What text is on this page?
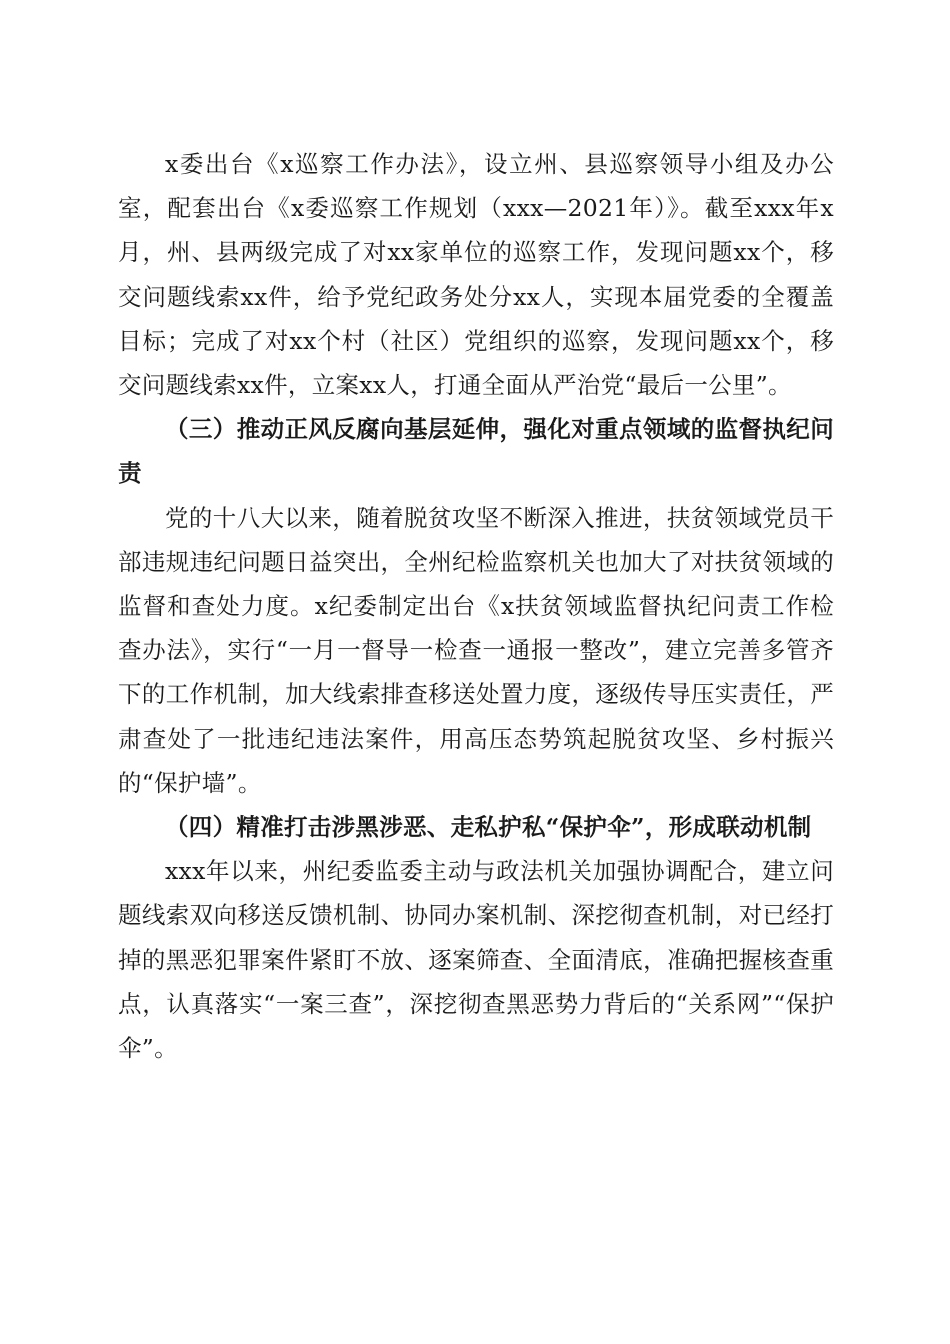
x委出台《x巡察工作办法》，设立州、县巡察领导小组及办公室，配套出台《x委巡察工作规划（xxx—2021年）》。截至xxx年x月，州、县两级完成了对xx家单位的巡察工作，发现问题xx个，移交问题线索xx件，给予党纪政务处分xx人，实现本届党委的全覆盖目标；完成了对xx个村（社区）党组织的巡察，发现问题xx个，移交问题线索xx件，立案xx人，打通全面从严治党“最后一公里”。

（三）推动正风反腐向基层延伸，强化对重点领域的监督执纪问责

党的十八大以来，随着脱贫攻坚不断深入推进，扶贫领域党员干部违规违纪问题日益突出，全州纪检监察机关也加大了对扶贫领域的监督和查处力度。x纪委制定出台《x扶贫领域监督执纪问责工作检查办法》，实行“一月一督导一检查一通报一整改”，建立完善多管齐下的工作机制，加大线索排查移送处置力度，逐级传导压实责任，严肃查处了一批违纪违法案件，用高压态势筑起脱贫攻坚、乡村振兴的“保护墙”。

（四）精准打击涉黑涉恶、走私护私“保护伞”，形成联动机制

xxx年以来，州纪委监委主动与政法机关加强协调配合，建立问题线索双向移送反馈机制、协同办案机制、深挖彻查机制，对已经打掉的黑恶犯罪案件紧盯不放、逐案筛查、全面清底，准确把握核查重点，认真落实“一案三查”，深挖彻查黑恶势力背后的“关系网”“保护伞”。
